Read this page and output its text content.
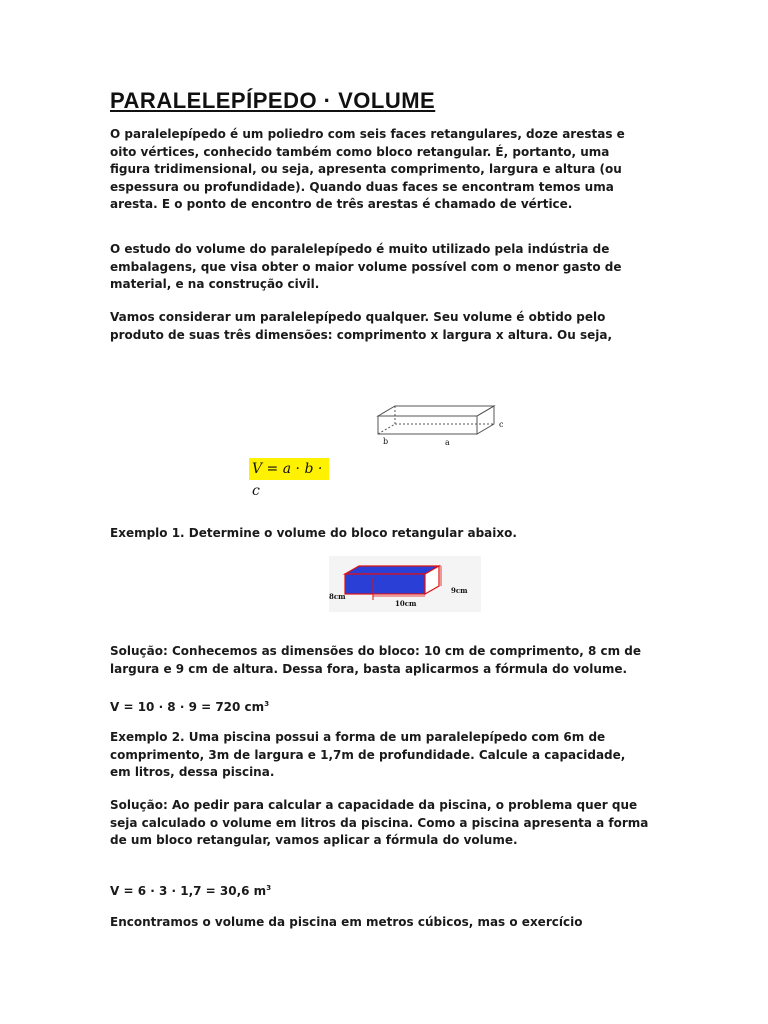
PARALELEPÍPEDO · VOLUME

O paralelepípedo é um poliedro com seis faces retangulares, doze arestas e oito vértices, conhecido também como bloco retangular. É, portanto, uma figura tridimensional, ou seja, apresenta comprimento, largura e altura (ou espessura ou profundidade). Quando duas faces se encontram temos uma aresta. E o ponto de encontro de três arestas é chamado de vértice.

O estudo do volume do paralelepípedo é muito utilizado pela indústria de embalagens, que visa obter o maior volume possível com o menor gasto de material, e na construção civil.

Vamos considerar um paralelepípedo qualquer. Seu volume é obtido pelo produto de suas três dimensões: comprimento x largura x altura. Ou seja,

b	a
c
V = a · b · c

Exemplo 1. Determine o volume do bloco retangular abaixo.

8cm
10cm
9cm

Solução: Conhecemos as dimensões do bloco: 10 cm de comprimento, 8 cm de largura e 9 cm de altura. Dessa fora, basta aplicarmos a fórmula do volume.

V = 10 · 8 · 9 = 720 $cm^3$

Exemplo 2. Uma piscina possui a forma de um paralelepípedo com 6m de comprimento, 3m de largura e 1,7m de profundidade. Calcule a capacidade, em litros, dessa piscina.

Solução: Ao pedir para calcular a capacidade da piscina, o problema quer que seja calculado o volume em litros da piscina. Como a piscina apresenta a forma de um bloco retangular, vamos aplicar a fórmula do volume.

V = 6 · 3 · 1,7 = 30,6 $m^3$

Encontramos o volume da piscina em metros cúbicos, mas o exercício
